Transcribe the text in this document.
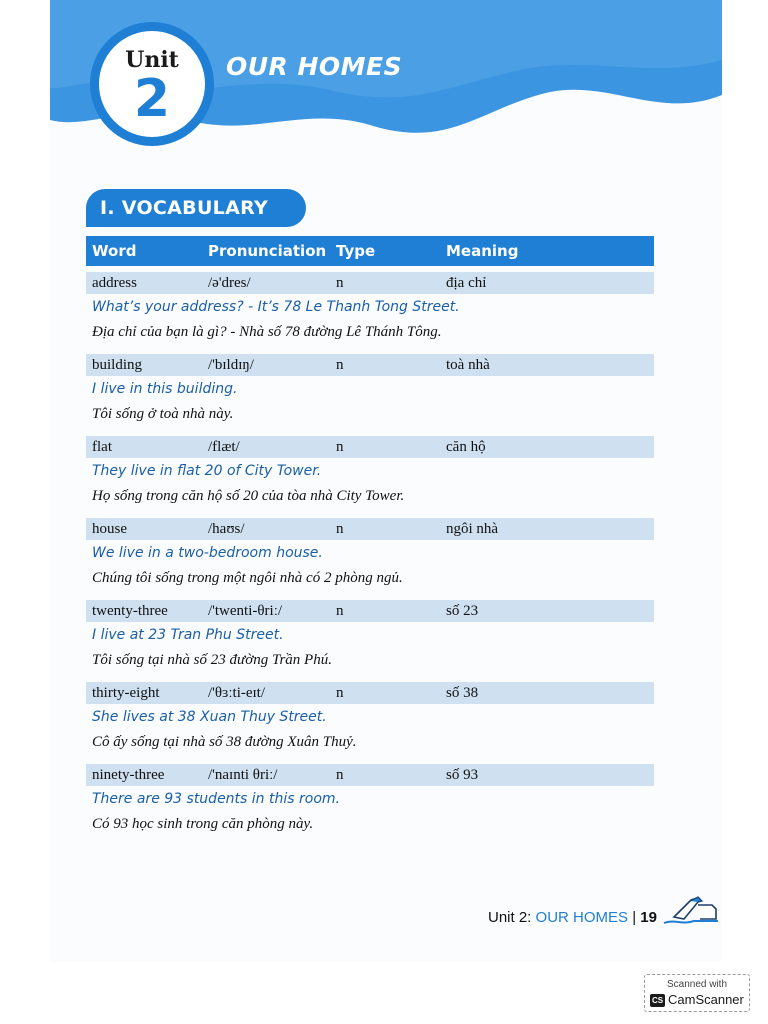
Unit
2
OUR HOMES
I. VOCABULARY
Word	Pronunciation Type	Meaning
address	/ə'dres/	n	địa chỉ
What’s your address? - It’s 78 Le Thanh Tong Street.
Địa chỉ của bạn là gì? - Nhà số 78 đường Lê Thánh Tông.
building	/'bɪldɪŋ/	n	toà nhà
I live in this building.
Tôi sống ở toà nhà này.
flat	/flæt/	n	căn hộ
They live in flat 20 of City Tower.
Họ sống trong căn hộ số 20 của tòa nhà City Tower.
house	/haʊs/	n	ngôi nhà
We live in a two-bedroom house.
Chúng tôi sống trong một ngôi nhà có 2 phòng ngủ.
twenty-three	/'twenti-θriː/	n	số 23
I live at 23 Tran Phu Street.
Tôi sống tại nhà số 23 đường Trần Phú.
thirty-eight	/'θɜːti-eɪt/	n	số 38
She lives at 38 Xuan Thuy Street.
Cô ấy sống tại nhà số 38 đường Xuân Thuỷ.
ninety-three	/'naɪnti θriː/	n	số 93
There are 93 students in this room.
Có 93 học sinh trong căn phòng này.
Unit 2: OUR HOMES | 19
Scanned with
CS CamScanner
